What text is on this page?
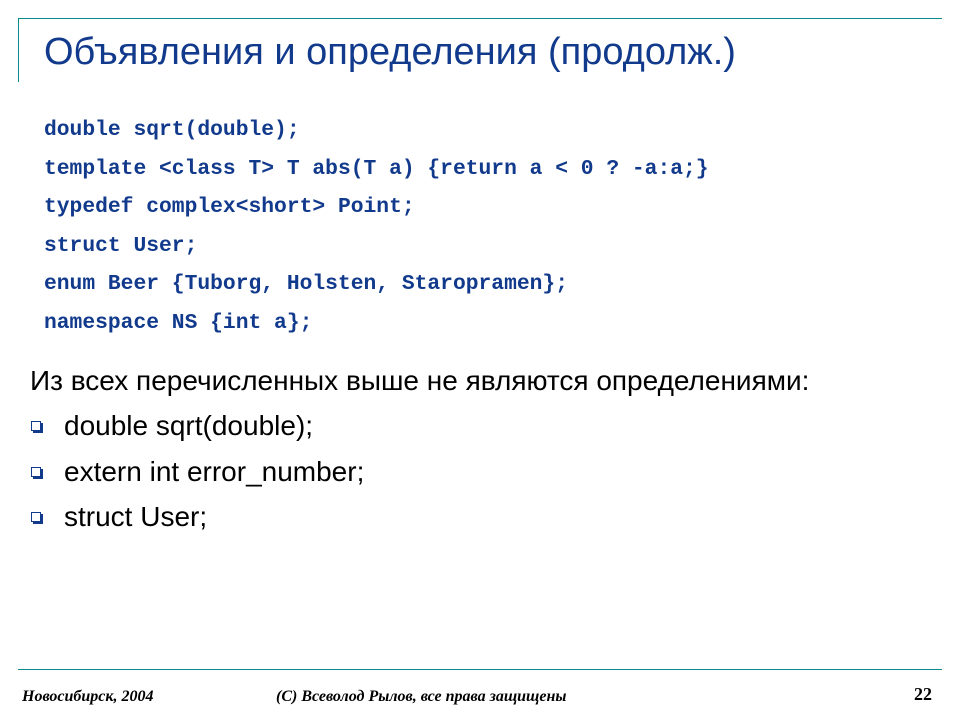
Объявления и определения (продолж.)
double sqrt(double);
template <class T> T abs(T a) {return a < 0 ? -a:a;}
typedef complex<short> Point;
struct User;
enum Beer {Tuborg, Holsten, Staropramen};
namespace NS {int a};
Из всех перечисленных выше не являются определениями:
double sqrt(double);
extern int error_number;
struct User;
Новосибирск, 2004	(C) Всеволод Рылов, все права защищены	22
